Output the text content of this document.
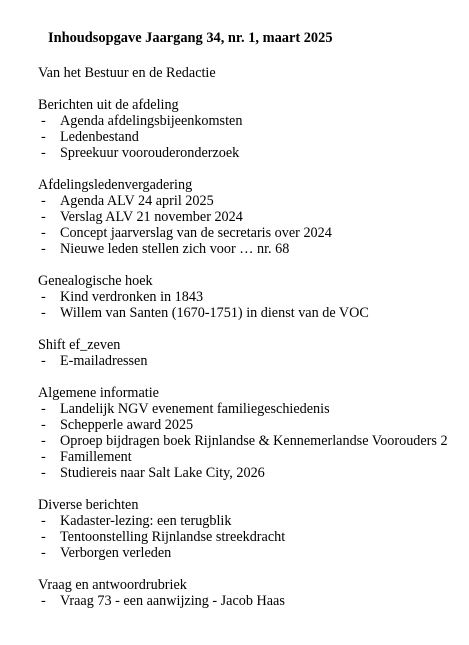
Inhoudsopgave Jaargang 34, nr. 1, maart 2025
Van het Bestuur en de Redactie
Berichten uit de afdeling
- Agenda afdelingsbijeenkomsten
- Ledenbestand
- Spreekuur voorouderonderzoek
Afdelingsledenvergadering
- Agenda ALV 24 april 2025
- Verslag ALV 21 november 2024
- Concept jaarverslag van de secretaris over 2024
- Nieuwe leden stellen zich voor … nr. 68
Genealogische hoek
- Kind verdronken in 1843
- Willem van Santen (1670-1751) in dienst van de VOC
Shift ef_zeven
- E-mailadressen
Algemene informatie
- Landelijk NGV evenement familiegeschiedenis
- Schepperle award 2025
- Oproep bijdragen boek Rijnlandse & Kennemerlandse Voorouders 2
- Famillement
- Studiereis naar Salt Lake City, 2026
Diverse berichten
- Kadaster-lezing: een terugblik
- Tentoonstelling Rijnlandse streekdracht
- Verborgen verleden
Vraag en antwoordrubriek
- Vraag 73 - een aanwijzing - Jacob Haas
